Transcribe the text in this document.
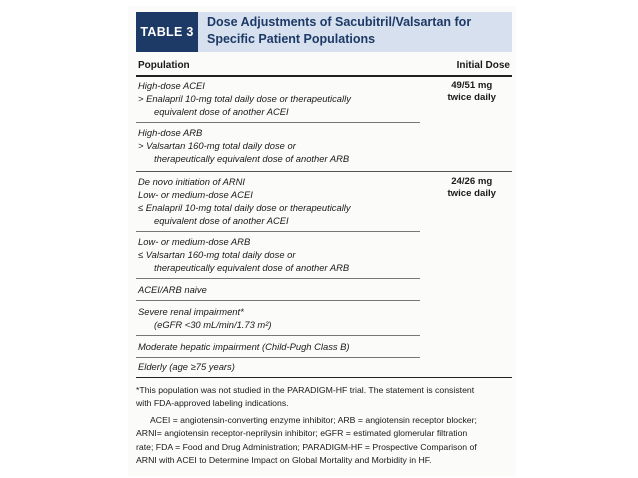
TABLE 3
Dose Adjustments of Sacubitril/Valsartan for
Specific Patient Populations
Population	Initial Dose
High-dose ACEI
> Enalapril 10-mg total daily dose or therapeutically
equivalent dose of another ACEI
High-dose ARB
> Valsartan 160-mg total daily dose or
therapeutically equivalent dose of another ARB
49/51 mg
twice daily
De novo initiation of ARNI
Low- or medium-dose ACEI
≤ Enalapril 10-mg total daily dose or therapeutically
equivalent dose of another ACEI
24/26 mg
twice daily
Low- or medium-dose ARB
≤ Valsartan 160-mg total daily dose or
therapeutically equivalent dose of another ARB
ACEI/ARB naive
Severe renal impairment*
(eGFR <30 mL/min/1.73 m²)
Moderate hepatic impairment (Child-Pugh Class B)
Elderly (age ≥75 years)
*This population was not studied in the PARADIGM-HF trial. The statement is consistent
with FDA-approved labeling indications.
ACEI = angiotensin-converting enzyme inhibitor; ARB = angiotensin receptor blocker;
ARNI= angiotensin receptor-neprilysin inhibitor; eGFR = estimated glomerular filtration
rate; FDA = Food and Drug Administration; PARADIGM-HF = Prospective Comparison of
ARNI with ACEI to Determine Impact on Global Mortality and Morbidity in HF.
